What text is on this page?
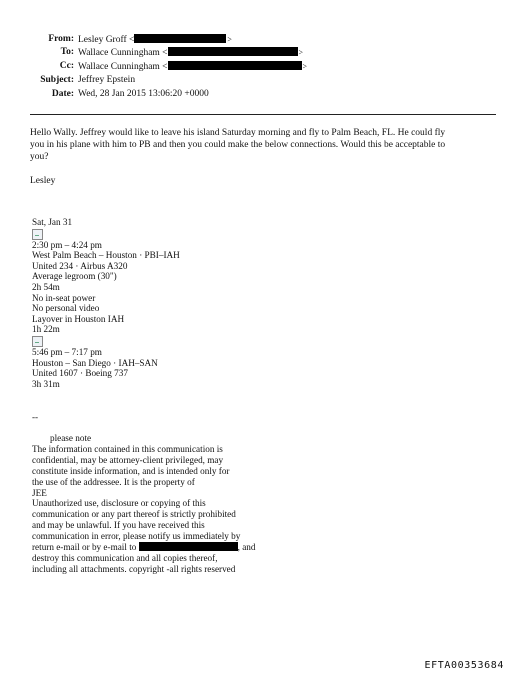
From: Lesley Groff <	>
To: Wallace Cunningham <	>
Cc: Wallace Cunningham <	>
Subject: Jeffrey Epstein
Date: Wed, 28 Jan 2015 13:06:20 +0000
Hello Wally. Jeffrey would like to leave his island Saturday morning and fly to Palm Beach, FL. He could fly
you in his plane with him to PB and then you could make the below connections. Would this be acceptable to
you?
Lesley
Sat, Jan 31
2:30 pm – 4:24 pm
West Palm Beach – Houston · PBI–IAH
United 234 · Airbus A320
Average legroom (30")
2h 54m
No in-seat power
No personal video
Layover in Houston IAH
1h 22m
5:46 pm – 7:17 pm
Houston – San Diego · IAH–SAN
United 1607 · Boeing 737
3h 31m
--
please note
The information contained in this communication is
confidential, may be attorney-client privileged, may
constitute inside information, and is intended only for
the use of the addressee. It is the property of
JEE
Unauthorized use, disclosure or copying of this
communication or any part thereof is strictly prohibited
and may be unlawful. If you have received this
communication in error, please notify us immediately by
return e-mail or by e-mail to	, and
destroy this communication and all copies thereof,
including all attachments. copyright -all rights reserved
EFTA00353684
